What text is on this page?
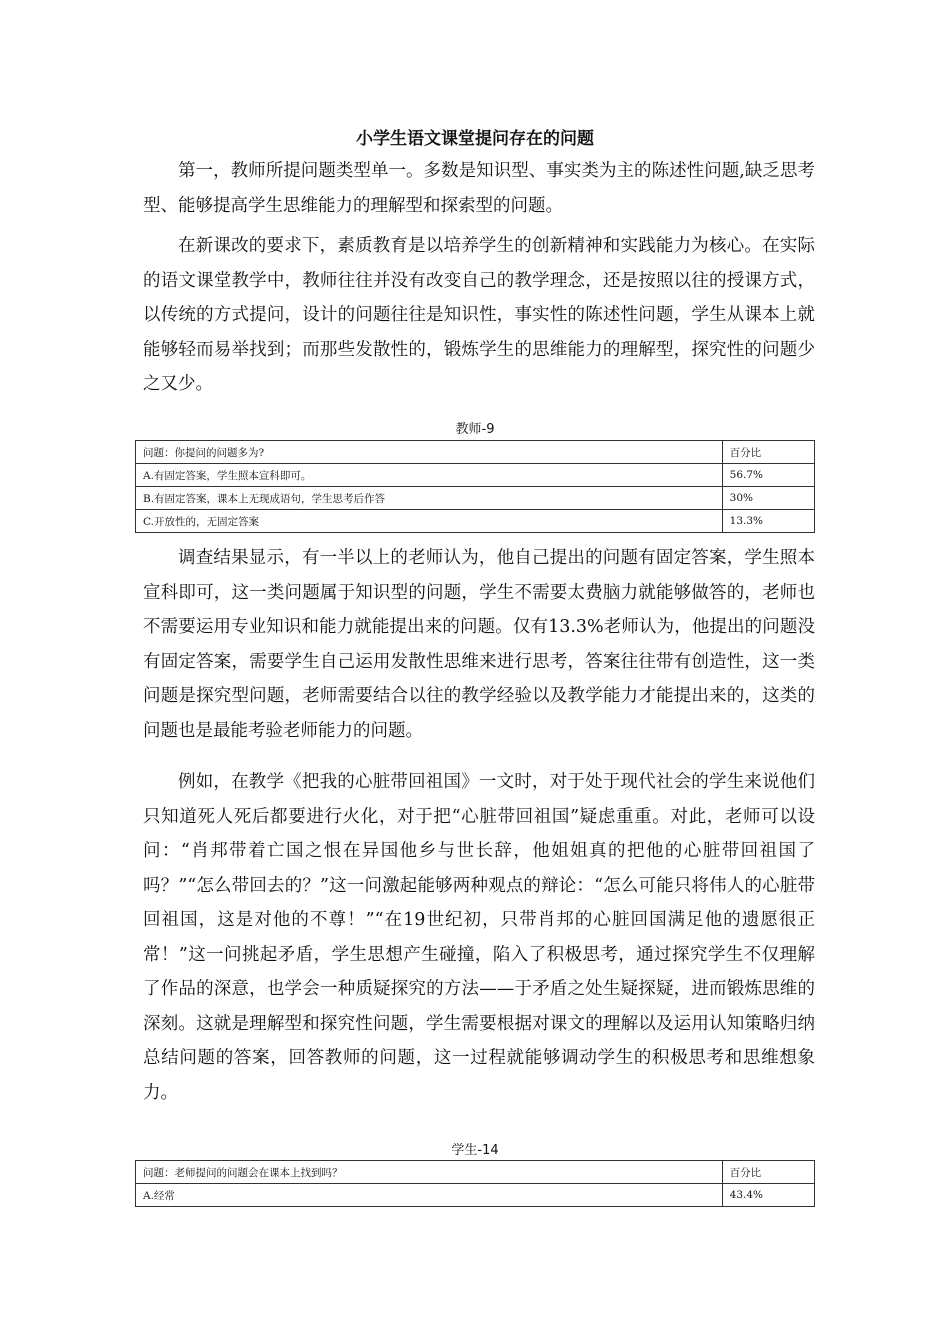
小学生语文课堂提问存在的问题

第一，教师所提问题类型单一。多数是知识型、事实类为主的陈述性问题,缺乏思考型、能够提高学生思维能力的理解型和探索型的问题。

在新课改的要求下，素质教育是以培养学生的创新精神和实践能力为核心。在实际的语文课堂教学中，教师往往并没有改变自己的教学理念，还是按照以往的授课方式，以传统的方式提问，设计的问题往往是知识性，事实性的陈述性问题，学生从课本上就能够轻而易举找到；而那些发散性的，锻炼学生的思维能力的理解型，探究性的问题少之又少。

教师-9
问题：你提问的问题多为?	百分比
A.有固定答案，学生照本宣科即可。	56.7%
B.有固定答案，课本上无现成语句，学生思考后作答	30%
C.开放性的，无固定答案	13.3%

调查结果显示，有一半以上的老师认为，他自己提出的问题有固定答案，学生照本宣科即可，这一类问题属于知识型的问题，学生不需要太费脑力就能够做答的，老师也不需要运用专业知识和能力就能提出来的问题。仅有13.3%老师认为，他提出的问题没有固定答案，需要学生自己运用发散性思维来进行思考，答案往往带有创造性，这一类问题是探究型问题，老师需要结合以往的教学经验以及教学能力才能提出来的，这类的问题也是最能考验老师能力的问题。

例如，在教学《把我的心脏带回祖国》一文时，对于处于现代社会的学生来说他们只知道死人死后都要进行火化，对于把“心脏带回祖国”疑虑重重。对此，老师可以设问：“肖邦带着亡国之恨在异国他乡与世长辞，他姐姐真的把他的心脏带回祖国了吗？”“怎么带回去的？”这一问激起能够两种观点的辩论：“怎么可能只将伟人的心脏带回祖国，这是对他的不尊！”“在19世纪初，只带肖邦的心脏回国满足他的遗愿很正常！”这一问挑起矛盾，学生思想产生碰撞，陷入了积极思考，通过探究学生不仅理解了作品的深意，也学会一种质疑探究的方法——于矛盾之处生疑探疑，进而锻炼思维的深刻。这就是理解型和探究性问题，学生需要根据对课文的理解以及运用认知策略归纳总结问题的答案，回答教师的问题，这一过程就能够调动学生的积极思考和思维想象力。

学生-14
问题：老师提问的问题会在课本上找到吗？	百分比
A.经常	43.4%
